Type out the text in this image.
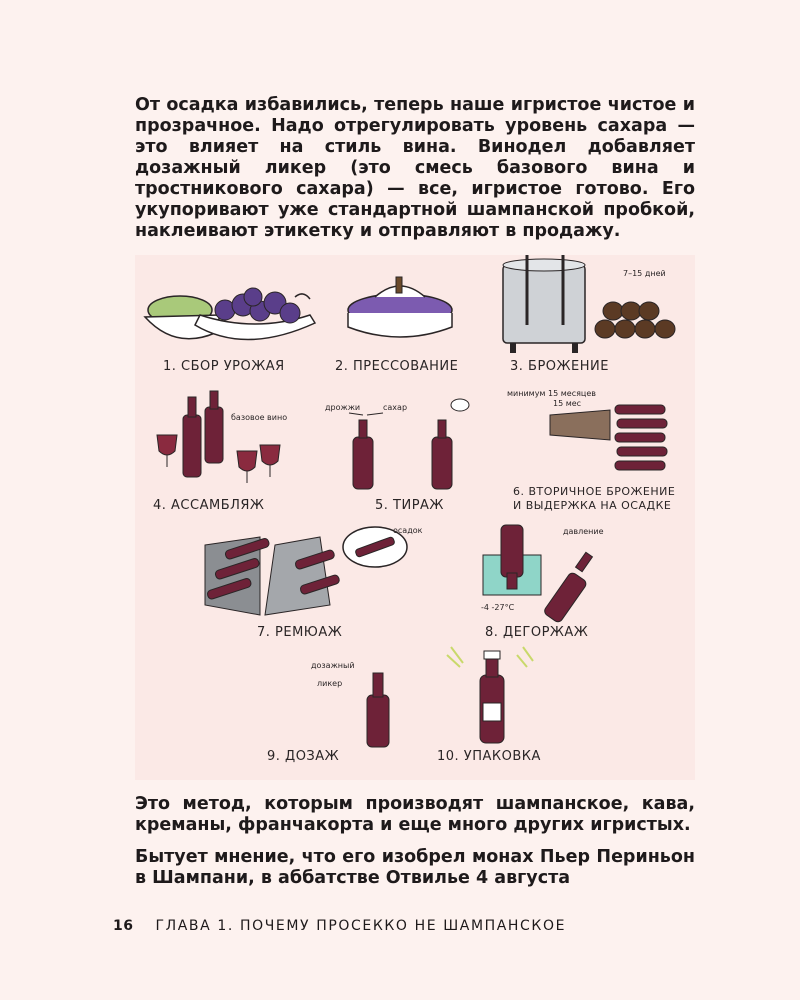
От осадка избавились, теперь наше игристое чистое и прозрачное. Надо отрегулировать уровень сахара — это влияет на стиль вина. Винодел добавляет дозажный ликер (это смесь базового вина и тростникового сахара) — все, игристое готово. Его укупоривают уже стандартной шампанской пробкой, наклеивают этикетку и отправляют в продажу.

1. СБОР УРОЖАЯ	2. ПРЕССОВАНИЕ	3. БРОЖЕНИЕ
4. АССАМБЛЯЖ	5. ТИРАЖ
6. ВТОРИЧНОЕ БРОЖЕНИЕ
И ВЫДЕРЖКА НА ОСАДКЕ
7. РЕМЮАЖ	8. ДЕГОРЖАЖ
9. ДОЗАЖ	10. УПАКОВКА
7–15 дней
базовое вино
дрожжи	сахар	15 мес
минимум 15 месяцев
осадок
-4 -27°C
давление
дозажный
ликер

Это метод, которым производят шампанское, кава, креманы, франчакорта и еще много других игристых.

Бытует мнение, что его изобрел монах Пьер Периньон в Шампани, в аббатстве Отвилье 4 августа

16 ГЛАВА 1. ПОЧЕМУ ПРОСЕККО НЕ ШАМПАНСКОЕ
